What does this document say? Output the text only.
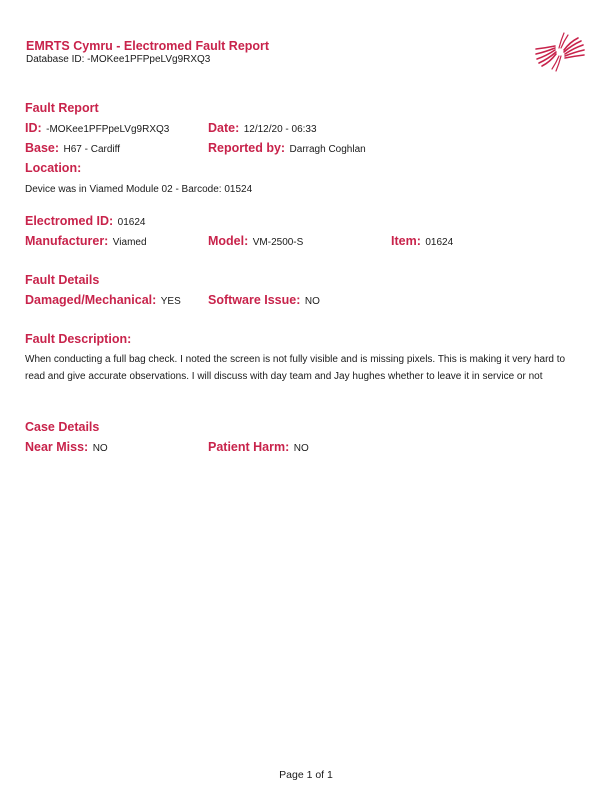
EMRTS Cymru - Electromed Fault Report
Database ID: -MOKee1PFPpeLVg9RXQ3
Fault Report
ID: -MOKee1PFPpeLVg9RXQ3	Date: 12/12/20 - 06:33
Base: H67 - Cardiff	Reported by: Darragh Coghlan
Location:
Device was in Viamed Module 02 - Barcode: 01524
Electromed ID: 01624
Manufacturer: Viamed	Model: VM-2500-S	Item: 01624
Fault Details
Damaged/Mechanical: YES Software Issue: NO
Fault Description:
When conducting a full bag check. I noted the screen is not fully visible and is missing pixels. This is making it very hard to read and give accurate observations. I will discuss with day team and Jay hughes whether to leave it in service or not
Case Details
Near Miss: NO	Patient Harm: NO
Page 1 of 1
